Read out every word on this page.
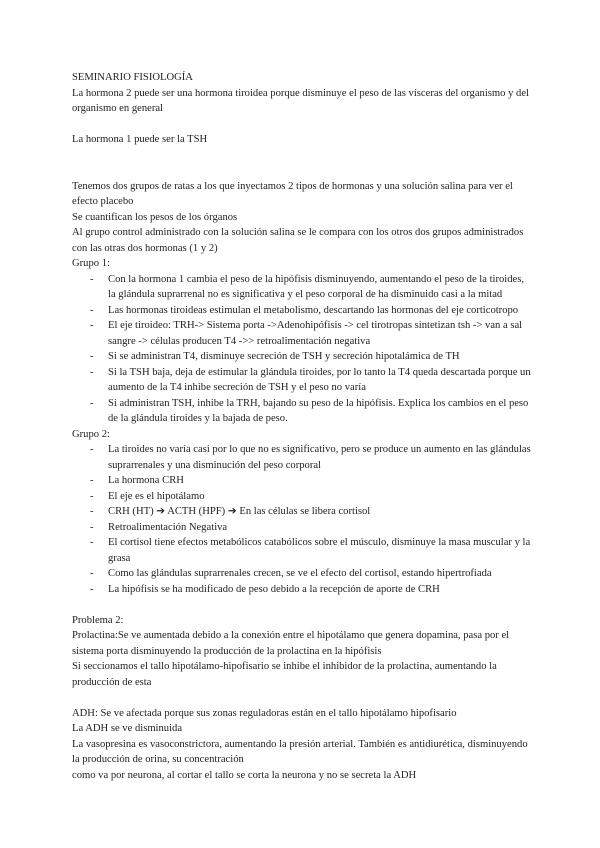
SEMINARIO FISIOLOGÍA

La hormona 2 puede ser una hormona tiroidea porque disminuye el peso de las vísceras del organismo y del organismo en general

La hormona 1 puede ser la TSH

Tenemos dos grupos de ratas a los que inyectamos 2 tipos de hormonas y una solución salina para ver el efecto placebo

Se cuantifican los pesos de los órganos

Al grupo control administrado con la solución salina se le compara con los otros dos grupos administrados con las otras dos hormonas (1 y 2)

Grupo 1:

- Con la hormona 1 cambia el peso de la hipófisis disminuyendo, aumentando el peso de la tiroides, la glándula suprarrenal no es significativa y el peso corporal de ha disminuido casi a la mitad
- Las hormonas tiroideas estimulan el metabolismo, descartando las hormonas del eje corticotropo
- El eje tiroideo: TRH-> Sistema porta ->Adenohipófisis -> cel tirotropas sintetizan tsh -> van a sal sangre -> células producen T4 ->> retroalimentación negativa
- Si se administran T4, disminuye secreción de TSH y secreción hipotalámica de TH
- Si la TSH baja, deja de estimular la glándula tiroides, por lo tanto la T4 queda descartada porque un aumento de la T4 inhibe secreción de TSH y el peso no varía
- Si administran TSH, inhibe la TRH, bajando su peso de la hipófisis. Explica los cambios en el peso de la glándula tiroides y la bajada de peso.

Grupo 2:

- La tiroides no varía casi por lo que no es significativo, pero se produce un aumento en las glándulas suprarrenales y una disminución del peso corporal
- La hormona CRH
- El eje es el hipotálamo
- CRH (HT) ➔ ACTH (HPF) ➔ En las células se libera cortisol
- Retroalimentación Negativa
- El cortisol tiene efectos metabólicos catabólicos sobre el músculo, disminuye la masa muscular y la grasa
- Como las glándulas suprarrenales crecen, se ve el efecto del cortisol, estando hipertrofiada
- La hipófisis se ha modificado de peso debido a la recepción de aporte de CRH

Problema 2:

Prolactina:Se ve aumentada debido a la conexión entre el hipotálamo que genera dopamina, pasa por el sistema porta disminuyendo la producción de la prolactina en la hipófisis

Si seccionamos el tallo hipotálamo-hipofisario se inhibe el inhibidor de la prolactina, aumentando la producción de esta

ADH: Se ve afectada porque sus zonas reguladoras están en el tallo hipotálamo hipofisario

La ADH se ve disminuida

La vasopresina es vasoconstrictora, aumentando la presión arterial. También es antidiurética, disminuyendo la producción de orina, su concentración

como va por neurona, al cortar el tallo se corta la neurona y no se secreta la ADH
